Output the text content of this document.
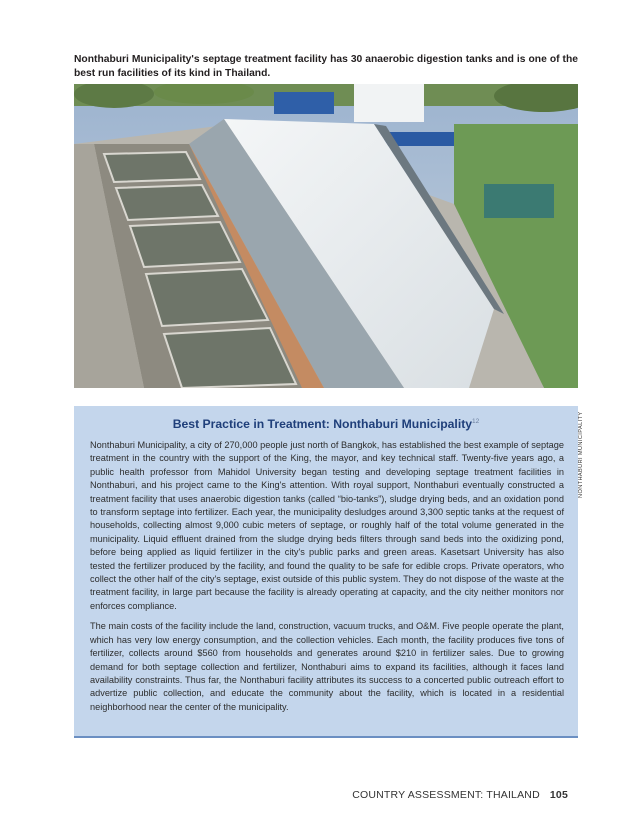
Nonthaburi Municipality's septage treatment facility has 30 anaerobic digestion tanks and is one of the best run facilities of its kind in Thailand.
NONTHABURI MUNICIPALITY
Best Practice in Treatment: Nonthaburi Municipality$^{12}$

Nonthaburi Municipality, a city of 270,000 people just north of Bangkok, has established the best example of septage treatment in the country with the support of the King, the mayor, and key technical staff. Twenty-five years ago, a public health professor from Mahidol University began testing and developing septage treatment facilities in Nonthaburi, and his project came to the King's attention. With royal support, Nonthaburi eventually constructed a treatment facility that uses anaerobic digestion tanks (called “bio-tanks”), sludge drying beds, and an oxidation pond to transform septage into fertilizer. Each year, the municipality desludges around 3,300 septic tanks at the request of households, collecting almost 9,000 cubic meters of septage, or roughly half of the total volume generated in the municipality. Liquid effluent drained from the sludge drying beds filters through sand beds into the oxidizing pond, before being applied as liquid fertilizer in the city's public parks and green areas. Kasetsart University has also tested the fertilizer produced by the facility, and found the quality to be safe for edible crops. Private operators, who collect the other half of the city's septage, exist outside of this public system. They do not dispose of the waste at the treatment facility, in large part because the facility is already operating at capacity, and the city neither monitors nor enforces compliance.

The main costs of the facility include the land, construction, vacuum trucks, and O&M. Five people operate the plant, which has very low energy consumption, and the collection vehicles. Each month, the facility produces five tons of fertilizer, collects around $560 from households and generates around $210 in fertilizer sales. Due to growing demand for both septage collection and fertilizer, Nonthaburi aims to expand its facilities, although it faces land availability constraints. Thus far, the Nonthaburi facility attributes its success to a concerted public outreach effort to advertize public collection, and educate the community about the facility, which is located in a residential neighborhood near the center of the municipality.

COUNTRY ASSESSMENT: THAILAND 105
